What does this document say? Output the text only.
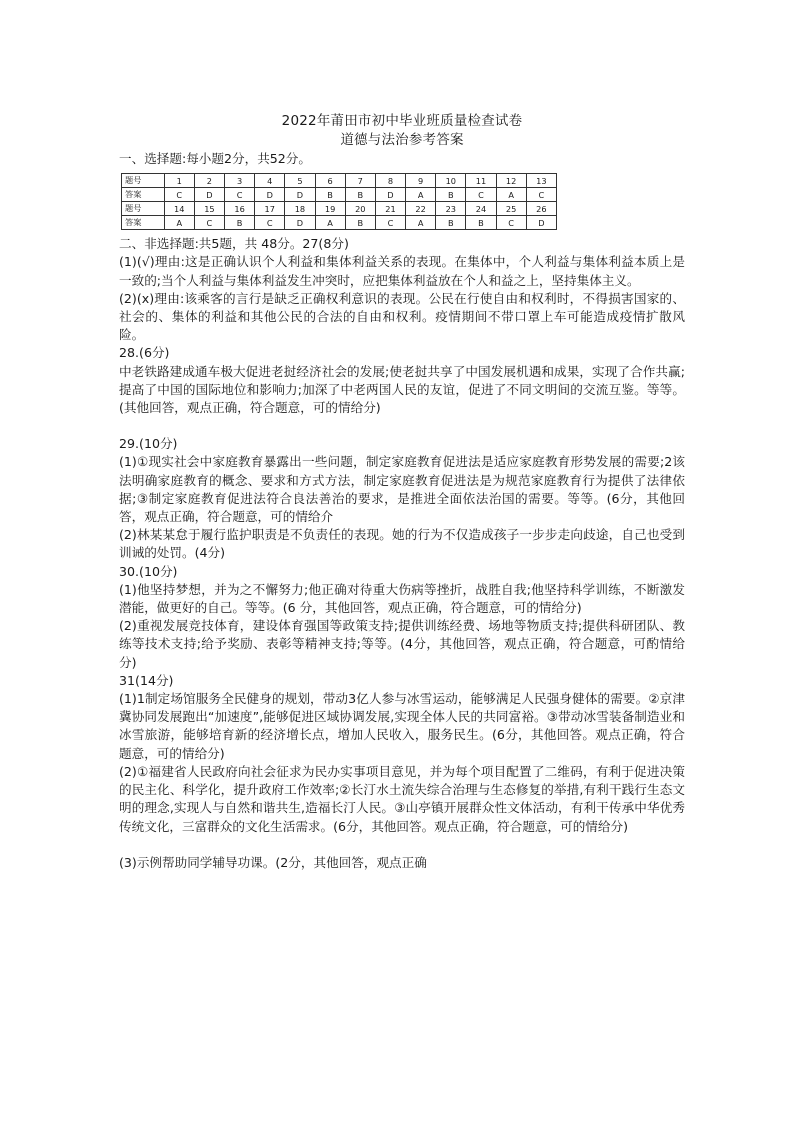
2022年莆田市初中毕业班质量检查试卷
道德与法治参考答案

一、选择题:每小题2分，共52分。

题号	1	2	3	4	5	6	7	8	9	10	11	12	13
答案	C	D	C	D	D	B	B	D	A	B	C	A	C
题号	14	15	16	17	18	19	20	21	22	23	24	25	26
答案	A	C	B	C	D	A	B	C	A	B	B	C	D

二、非选择题:共5题，共 48分。27(8分)

(1)(√)理由:这是正确认识个人利益和集体利益关系的表现。在集体中，个人利益与集体利益本质上是一致的;当个人利益与集体利益发生冲突时，应把集体利益放在个人和益之上，坚持集体主义。

(2)(x)理由:该乘客的言行是缺乏正确权利意识的表现。公民在行使自由和权利时，不得损害国家的、社会的、集体的利益和其他公民的合法的自由和权利。疫情期间不带口罩上车可能造成疫情扩散风险。

28.(6分)

中老铁路建成通车极大促进老挝经济社会的发展;使老挝共享了中国发展机遇和成果，实现了合作共赢;提高了中国的国际地位和影响力;加深了中老两国人民的友谊，促进了不同文明间的交流互鉴。等等。(其他回答，观点正确，符合题意，可的情给分)

29.(10分)

(1)①现实社会中家庭教育暴露出一些问题，制定家庭教育促进法是适应家庭教育形势发展的需要;2该法明确家庭教育的概念、要求和方式方法，制定家庭教育促进法是为规范家庭教育行为提供了法律依据;③制定家庭教育促进法符合良法善治的要求，是推进全面依法治国的需要。等等。(6分，其他回答，观点正确，符合题意，可的情给介

(2)林某某怠于履行监护职责是不负责任的表现。她的行为不仅造成孩子一步步走向歧途，自己也受到训诫的处罚。(4分)

30.(10分)

(1)他坚持梦想，并为之不懈努力;他正确对待重大伤病等挫折，战胜自我;他坚持科学训练，不断激发潜能，做更好的自己。等等。(6 分，其他回答，观点正确，符合题意，可的情给分)

(2)重视发展竞技体育，建设体育强国等政策支持;提供训练经费、场地等物质支持;提供科研团队、教练等技术支持;给予奖励、表彰等精神支持;等等。(4分，其他回答，观点正确，符合题意，可酌情给分)

31(14分)

(1)1制定场馆服务全民健身的规划，带动3亿人参与冰雪运动，能够满足人民强身健体的需要。②京津冀协同发展跑出“加速度”,能够促进区域协调发展,实现全体人民的共同富裕。③带动冰雪装备制造业和冰雪旅游，能够培育新的经济增长点，增加人民收入，服务民生。(6分，其他回答。观点正确，符合题意，可的情给分)

(2)①福建省人民政府向社会征求为民办实事项目意见，并为每个项目配置了二维码，有利于促进决策的民主化、科学化，提升政府工作效率;②长汀水土流失综合治理与生态修复的举措,有利干践行生态文明的理念,实现人与自然和谐共生,造福长汀人民。③山亭镇开展群众性文体活动，有利干传承中华优秀传统文化，三富群众的文化生活需求。(6分，其他回答。观点正确，符合题意，可的情给分)

(3)示例帮助同学辅导功课。(2分，其他回答，观点正确
